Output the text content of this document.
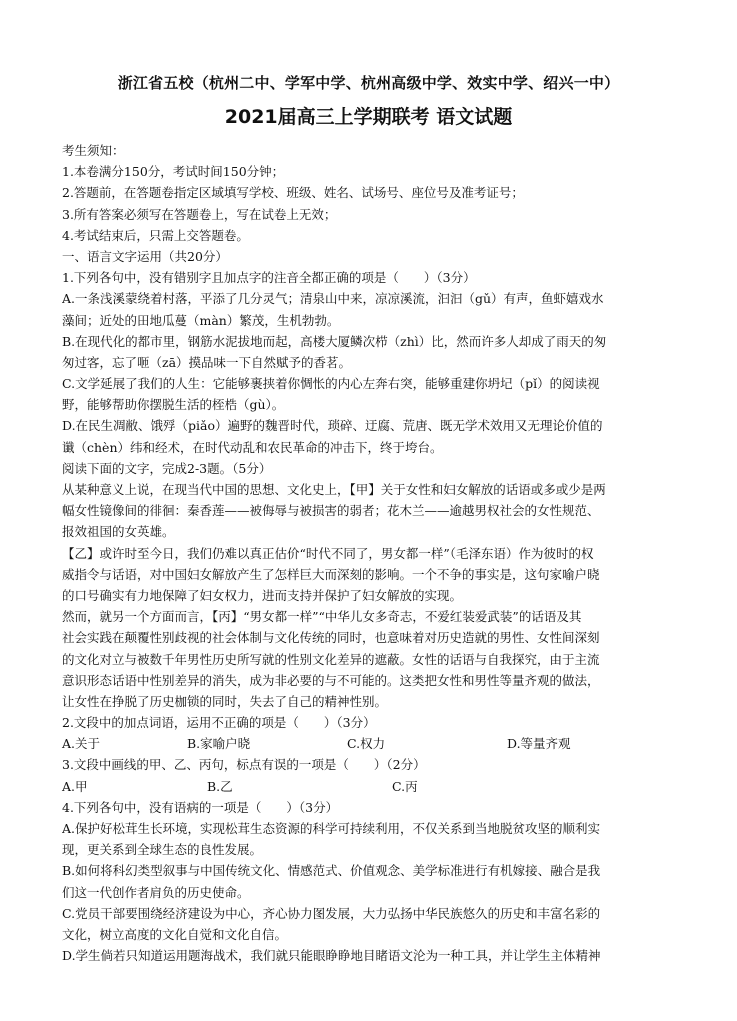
浙江省五校（杭州二中、学军中学、杭州高级中学、效实中学、绍兴一中）
2021届高三上学期联考 语文试题
考生须知：
1.本卷满分150分，考试时间150分钟；
2.答题前，在答题卷指定区域填写学校、班级、姓名、试场号、座位号及准考证号；
3.所有答案必须写在答题卷上，写在试卷上无效；
4.考试结束后，只需上交答题卷。
一、语言文字运用（共20分）
1.下列各句中，没有错别字且加点字的注音全都正确的项是（　　）（3分）
A.一条浅溪蒙绕着村落，平添了几分灵气；清泉山中来，凉凉溪流，汩汩（gǔ）有声，鱼虾嬉戏水
藻间；近处的田地瓜蔓（màn）繁茂，生机勃勃。
B.在现代化的都市里，钢筋水泥拔地而起，高楼大厦鳞次栉（zhì）比，然而许多人却成了雨天的匆
匆过客，忘了咂（zā）摸品味一下自然赋予的香茗。
C.文学延展了我们的人生：它能够裹挟着你惆怅的内心左奔右突，能够重建你坍圮（pǐ）的阅读视
野，能够帮助你摆脱生活的桎梏（gù）。
D.在民生凋敝、饿殍（piǎo）遍野的魏晋时代，琐碎、迂腐、荒唐、既无学术效用又无理论价值的
谶（chèn）纬和经术，在时代动乱和农民革命的冲击下，终于垮台。
阅读下面的文字，完成2-3题。（5分）
从某种意义上说，在现当代中国的思想、文化史上，【甲】关于女性和妇女解放的话语或多或少是两
幅女性镜像间的徘徊：秦香莲——被侮辱与被损害的弱者；花木兰——逾越男权社会的女性规范、
报效祖国的女英雄。
【乙】或许时至今日，我们仍难以真正估价“时代不同了，男女都一样”（毛泽东语）作为彼时的权
威指令与话语，对中国妇女解放产生了怎样巨大而深刻的影响。一个不争的事实是，这句家喻户晓
的口号确实有力地保障了妇女权力，进而支持并保护了妇女解放的实现。
然而，就另一个方面而言，【丙】“男女都一样”“中华儿女多奇志，不爱红装爱武装”的话语及其
社会实践在颠覆性别歧视的社会体制与文化传统的同时，也意味着对历史造就的男性、女性间深刻
的文化对立与被数千年男性历史所写就的性别文化差异的遮蔽。女性的话语与自我探究，由于主流
意识形态话语中性别差异的消失，成为非必要的与不可能的。这类把女性和男性等量齐观的做法，
让女性在挣脱了历史枷锁的同时，失去了自己的精神性别。
2.文段中的加点词语，运用不正确的项是（　　）（3分）
A.关于	B.家喻户晓	C.权力	D.等量齐观
3.文段中画线的甲、乙、丙句，标点有误的一项是（　　）（2分）
A.甲	B.乙	C.丙
4.下列各句中，没有语病的一项是（　　）（3分）
A.保护好松茸生长环境，实现松茸生态资源的科学可持续利用，不仅关系到当地脱贫攻坚的顺利实
现，更关系到全球生态的良性发展。
B.如何将科幻类型叙事与中国传统文化、情感范式、价值观念、美学标准进行有机嫁接、融合是我
们这一代创作者肩负的历史使命。
C.党员干部要围绕经济建设为中心，齐心协力图发展，大力弘扬中华民族悠久的历史和丰富名彩的
文化，树立高度的文化自觉和文化自信。
D.学生倘若只知道运用题海战术，我们就只能眼睁睁地目睹语文沦为一种工具，并让学生主体精神
